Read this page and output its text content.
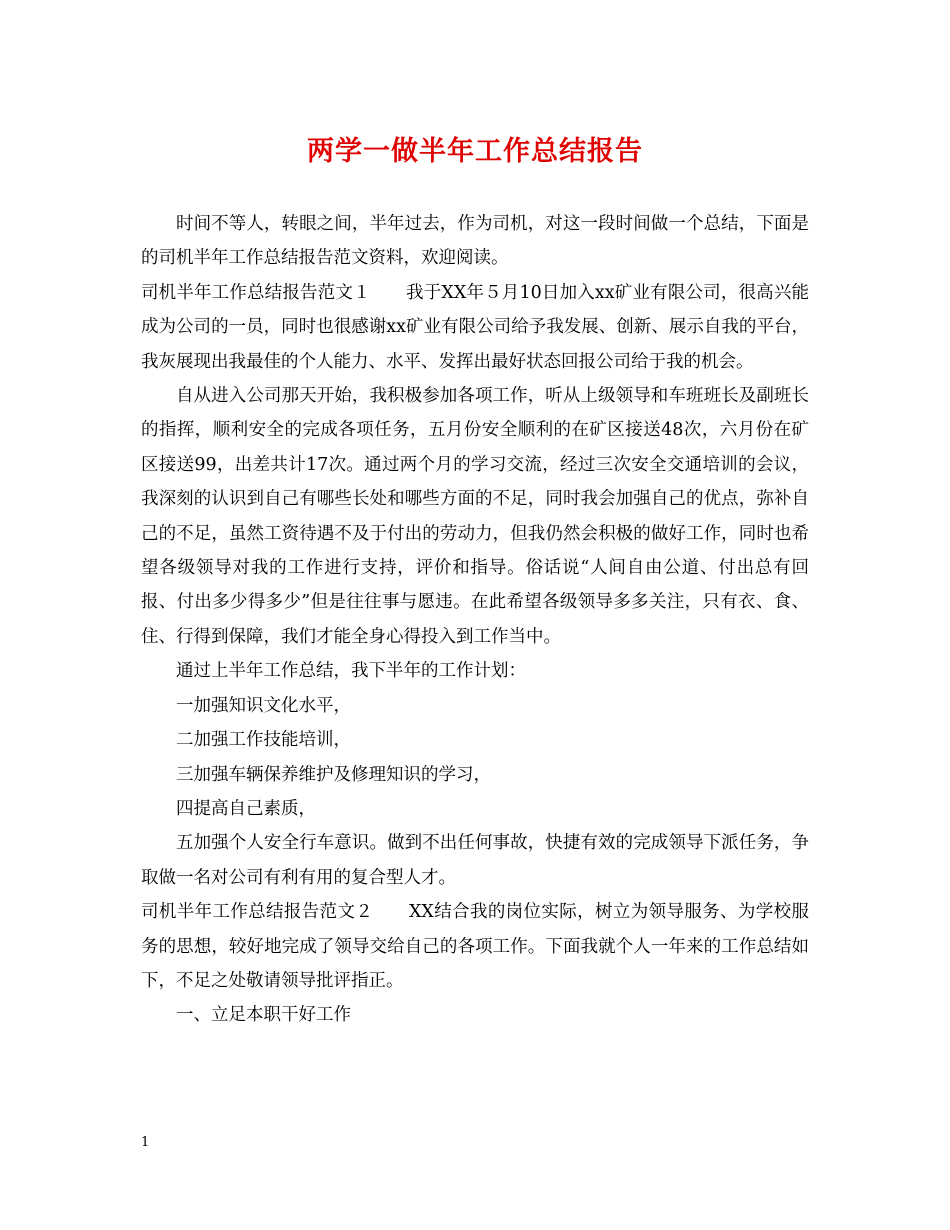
两学一做半年工作总结报告

时间不等人，转眼之间，半年过去，作为司机，对这一段时间做一个总结，下面是的司机半年工作总结报告范文资料，欢迎阅读。

司机半年工作总结报告范文１　　我于XX年５月10日加入xx矿业有限公司，很高兴能成为公司的一员，同时也很感谢xx矿业有限公司给予我发展、创新、展示自我的平台，我灰展现出我最佳的个人能力、水平、发挥出最好状态回报公司给于我的机会。

自从进入公司那天开始，我积极参加各项工作，听从上级领导和车班班长及副班长的指挥，顺利安全的完成各项任务，五月份安全顺利的在矿区接送48次，六月份在矿区接送99，出差共计17次。通过两个月的学习交流，经过三次安全交通培训的会议，我深刻的认识到自己有哪些长处和哪些方面的不足，同时我会加强自己的优点，弥补自己的不足，虽然工资待遇不及于付出的劳动力，但我仍然会积极的做好工作，同时也希望各级领导对我的工作进行支持，评价和指导。俗话说“人间自由公道、付出总有回报、付出多少得多少”但是往往事与愿违。在此希望各级领导多多关注，只有衣、食、住、行得到保障，我们才能全身心得投入到工作当中。

通过上半年工作总结，我下半年的工作计划：

一加强知识文化水平，

二加强工作技能培训，

三加强车辆保养维护及修理知识的学习，

四提高自己素质，

五加强个人安全行车意识。做到不出任何事故，快捷有效的完成领导下派任务，争取做一名对公司有利有用的复合型人才。

司机半年工作总结报告范文２　　XX结合我的岗位实际，树立为领导服务、为学校服务的思想，较好地完成了领导交给自己的各项工作。下面我就个人一年来的工作总结如下，不足之处敬请领导批评指正。

一、立足本职干好工作

1
